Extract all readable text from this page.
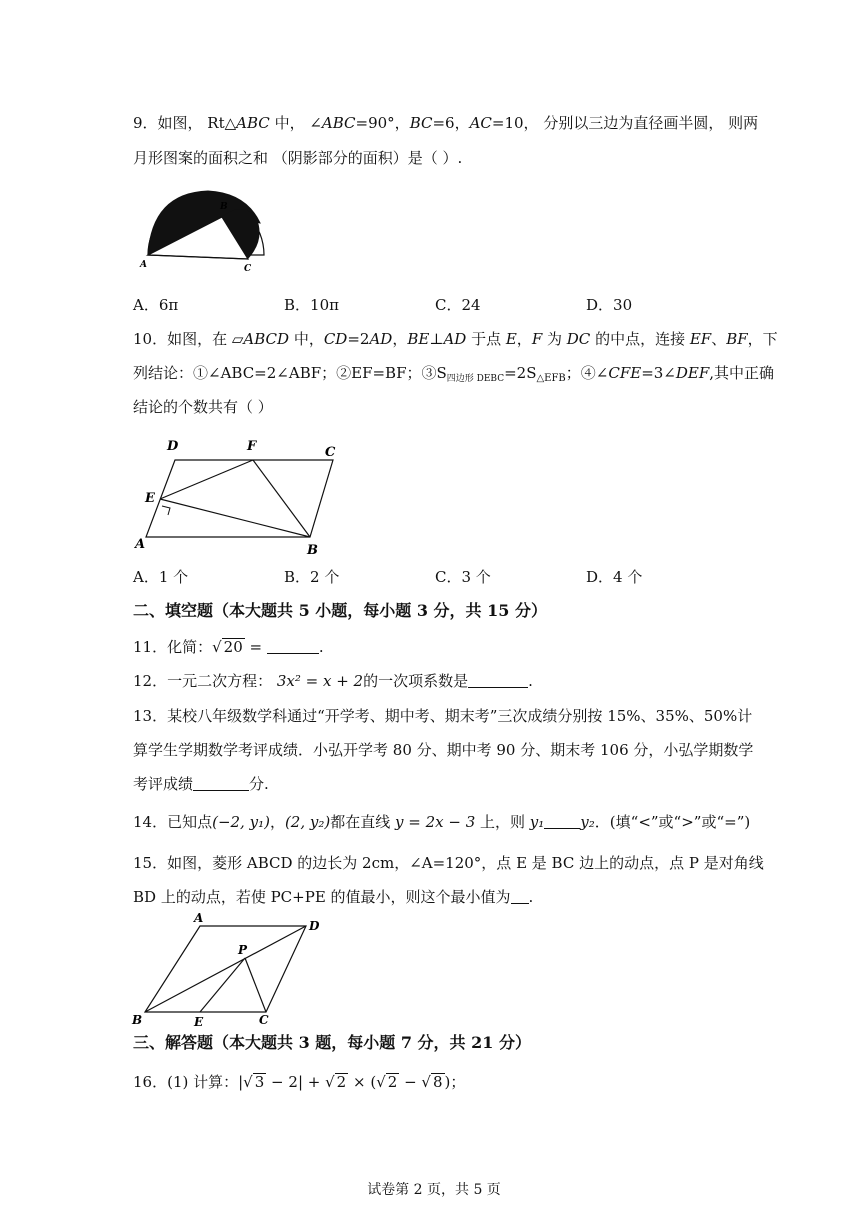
9．如图， Rt△ABC 中， ∠ABC=90°，BC=6，AC=10， 分别以三边为直径画半圆， 则两
月形图案的面积之和 （阴影部分的面积）是（ ）.
A
B
C
A．6π	B．10π	C．24	D．30
10．如图，在 ▱ABCD 中，CD=2AD，BE⊥AD 于点 E，F 为 DC 的中点，连接 EF、BF，下
列结论：①∠ABC=2∠ABF；②EF=BF；$③S_{四边形 DEBC}=2S_{\triangle EFB}$；④∠CFE=3∠DEF,其中正确
结论的个数共有（ ）
D	F	C
E
A	B
A．1 个	B．2 个	C．3 个	D．4 个
二、填空题（本大题共 5 小题，每小题 3 分，共 15 分）
11．化简：√ 20 =	.
12．一元二次方程： 3x² = x + 2的一次项系数是	.
13．某校八年级数学科通过“开学考、期中考、期末考”三次成绩分别按 15%、35%、50%计
算学生学期数学考评成绩．小弘开学考 80 分、期中考 90 分、期末考 106 分，小弘学期数学
考评成绩	分.
14．已知点(−2, y₁)，(2, y₂)都在直线 y = 2x − 3 上，则 y₁ y₂．(填“<”或“>”或“=”)
15．如图，菱形 ABCD 的边长为 2cm，∠A=120°，点 E 是 BC 边上的动点，点 P 是对角线
BD 上的动点，若使 PC+PE 的值最小，则这个最小值为 .
A
D
P
B	E	C
三、解答题（本大题共 3 题，每小题 7 分，共 21 分）
16．(1) 计算：|√ 3 − 2| + √ 2 × (√ 2 − √ 8 )；
试卷第 2 页，共 5 页
